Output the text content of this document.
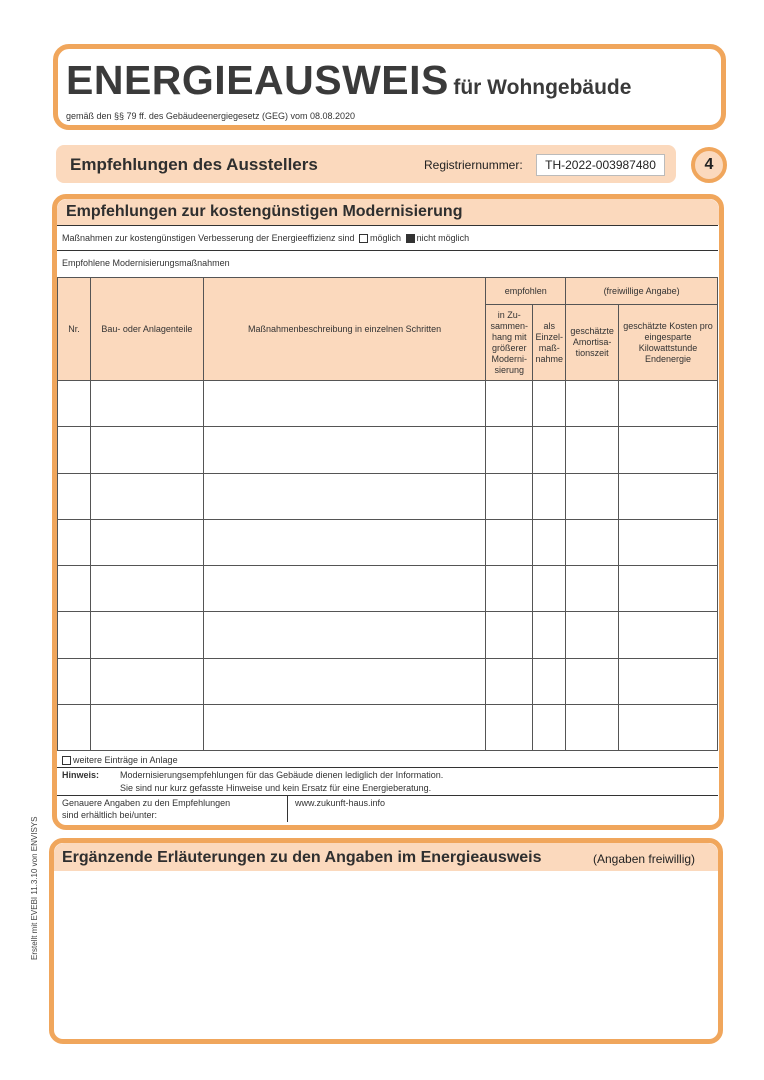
ENERGIEAUSWEIS für Wohngebäude
gemäß den §§ 79 ff. des Gebäudeenergiegesetz (GEG) vom 08.08.2020
Empfehlungen des Ausstellers	Registriernummer:	TH-2022-003987480	4
Empfehlungen zur kostengünstigen Modernisierung
Maßnahmen zur kostengünstigen Verbesserung der Energieeffizienz sind möglich nicht möglich
Empfohlene Modernisierungsmaßnahmen
Nr.	Bau- oder Anlagenteile	Maßnahmenbeschreibung in einzelnen Schritten	empfohlen		(freiwillige Angabe)	
			in Zu-sammen-hang mit größerer Moderni-sierung	als Einzel-maß-nahme	geschätzte Amortisa-tionszeit	geschätzte Kosten pro eingesparte Kilowattstunde Endenergie

weitere Einträge in Anlage
Hinweis: Modernisierungsempfehlungen für das Gebäude dienen lediglich der Information.
Sie sind nur kurz gefasste Hinweise und kein Ersatz für eine Energieberatung.
Genauere Angaben zu den Empfehlungen
sind erhältlich bei/unter:
www.zukunft-haus.info
Ergänzende Erläuterungen zu den Angaben im Energieausweis	(Angaben freiwillig)
Erstellt mit EVEBI 11.3.10 von ENVISYS
